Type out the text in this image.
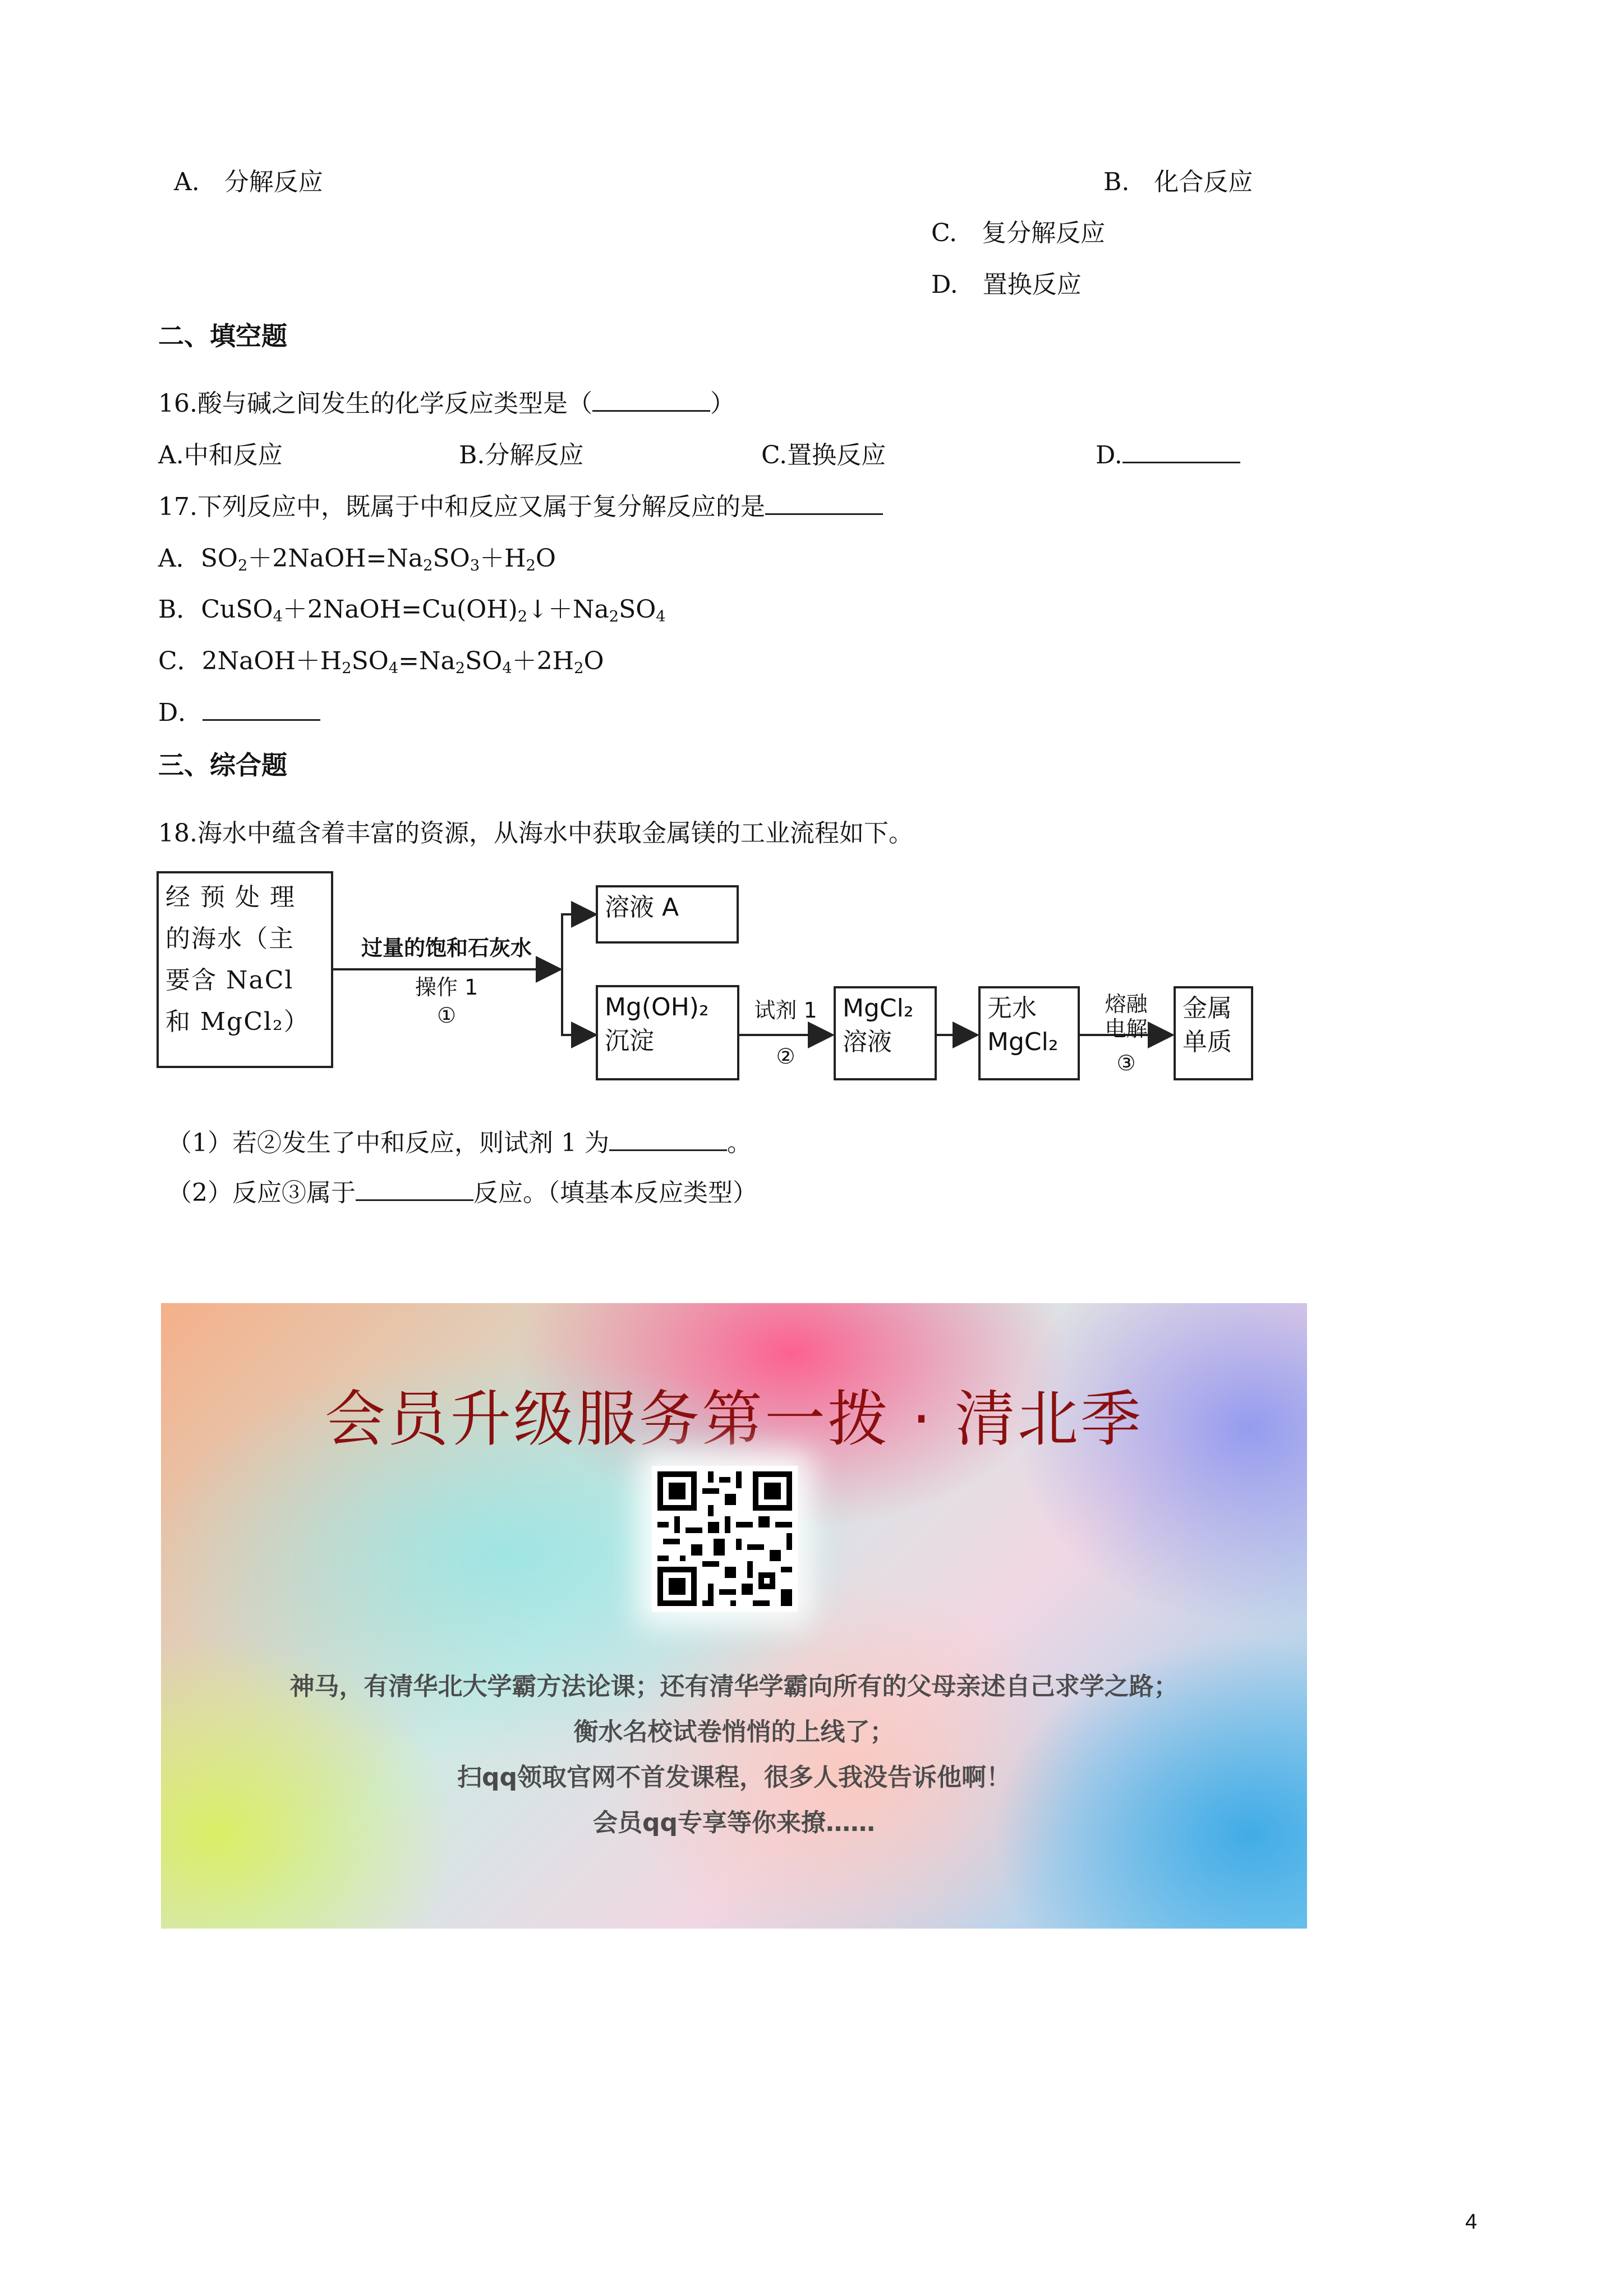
A.　分解反应	B.　化合反应
C.　复分解反应
D.　置换反应
二、填空题
16.酸与碱之间发生的化学反应类型是（	）
A.中和反应	B.分解反应	C.置换反应	D.
17.下列反应中，既属于中和反应又属于复分解反应的是
A．$SO_2+2NaOH=Na_2SO_3+H_2O$
B．$CuSO_4+2NaOH=Cu(OH)_2↓+Na_2SO_4$
C．$2NaOH+H_2SO_4=Na_2SO_4+2H_2O$
D．
三、综合题
18.海水中蕴含着丰富的资源，从海水中获取金属镁的工业流程如下。
经 预 处 理
的海水（主
要含 NaCl
和 MgCl₂）
过量的饱和石灰水
操作 1
①
溶液 A
Mg(OH)₂
沉淀
试剂 1
②
MgCl₂
溶液
无水
MgCl₂
熔融
电解
③
金属
单质
（1）若②发生了中和反应，则试剂 1 为	。
（2）反应③属于	反应。（填基本反应类型）
会员升级服务第一拨 · 清北季
神马，有清华北大学霸方法论课；还有清华学霸向所有的父母亲述自己求学之路；
衡水名校试卷悄悄的上线了；
扫qq领取官网不首发课程，很多人我没告诉他啊！
会员qq专享等你来撩……
4
